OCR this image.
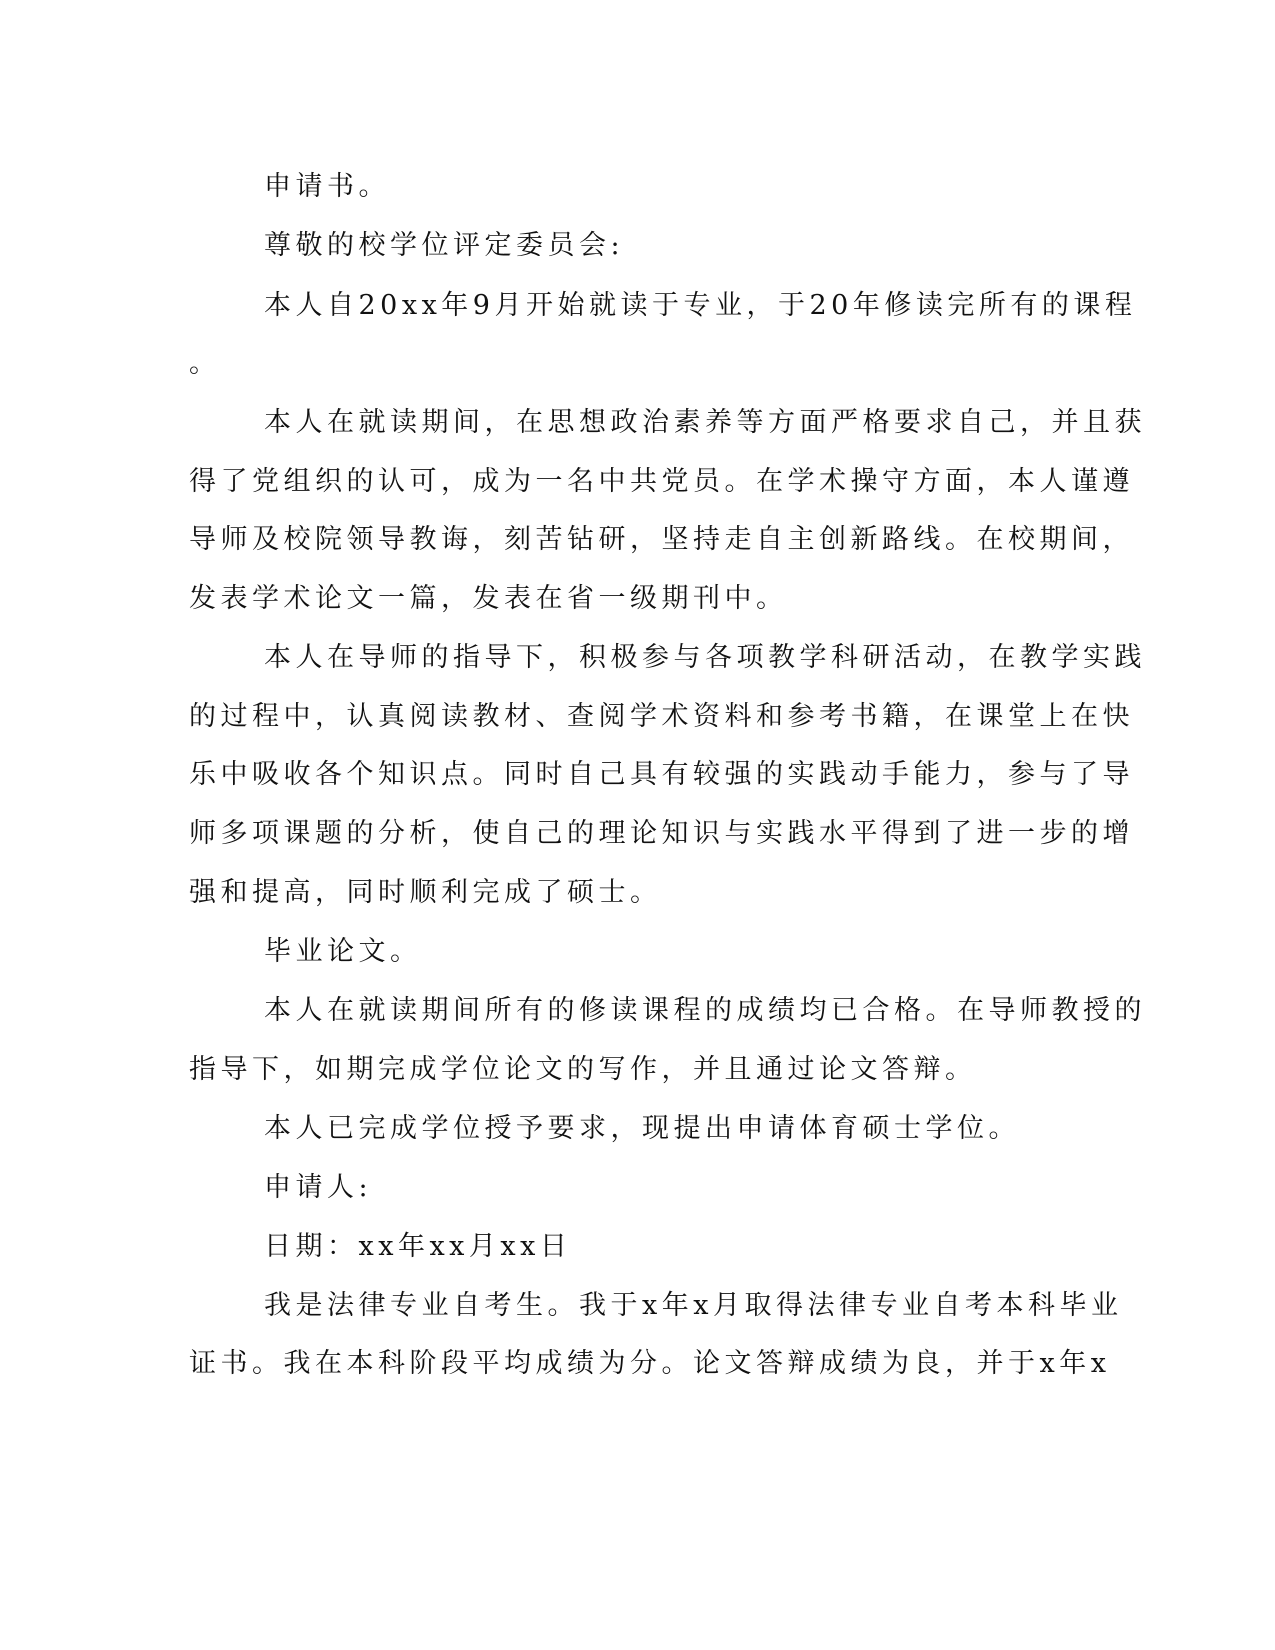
申请书。

尊敬的校学位评定委员会:

本人自20xx年9月开始就读于专业，于20年修读完所有的课程

。

本人在就读期间，在思想政治素养等方面严格要求自己，并且获

得了党组织的认可，成为一名中共党员。在学术操守方面，本人谨遵

导师及校院领导教诲，刻苦钻研，坚持走自主创新路线。在校期间，

发表学术论文一篇，发表在省一级期刊中。

本人在导师的指导下，积极参与各项教学科研活动，在教学实践

的过程中，认真阅读教材、查阅学术资料和参考书籍，在课堂上在快

乐中吸收各个知识点。同时自己具有较强的实践动手能力，参与了导

师多项课题的分析，使自己的理论知识与实践水平得到了进一步的增

强和提高，同时顺利完成了硕士。

毕业论文。

本人在就读期间所有的修读课程的成绩均已合格。在导师教授的

指导下，如期完成学位论文的写作，并且通过论文答辩。

本人已完成学位授予要求，现提出申请体育硕士学位。

申请人:

日期：xx年xx月xx日

我是法律专业自考生。我于x年x月取得法律专业自考本科毕业

证书。我在本科阶段平均成绩为分。论文答辩成绩为良，并于x年x
